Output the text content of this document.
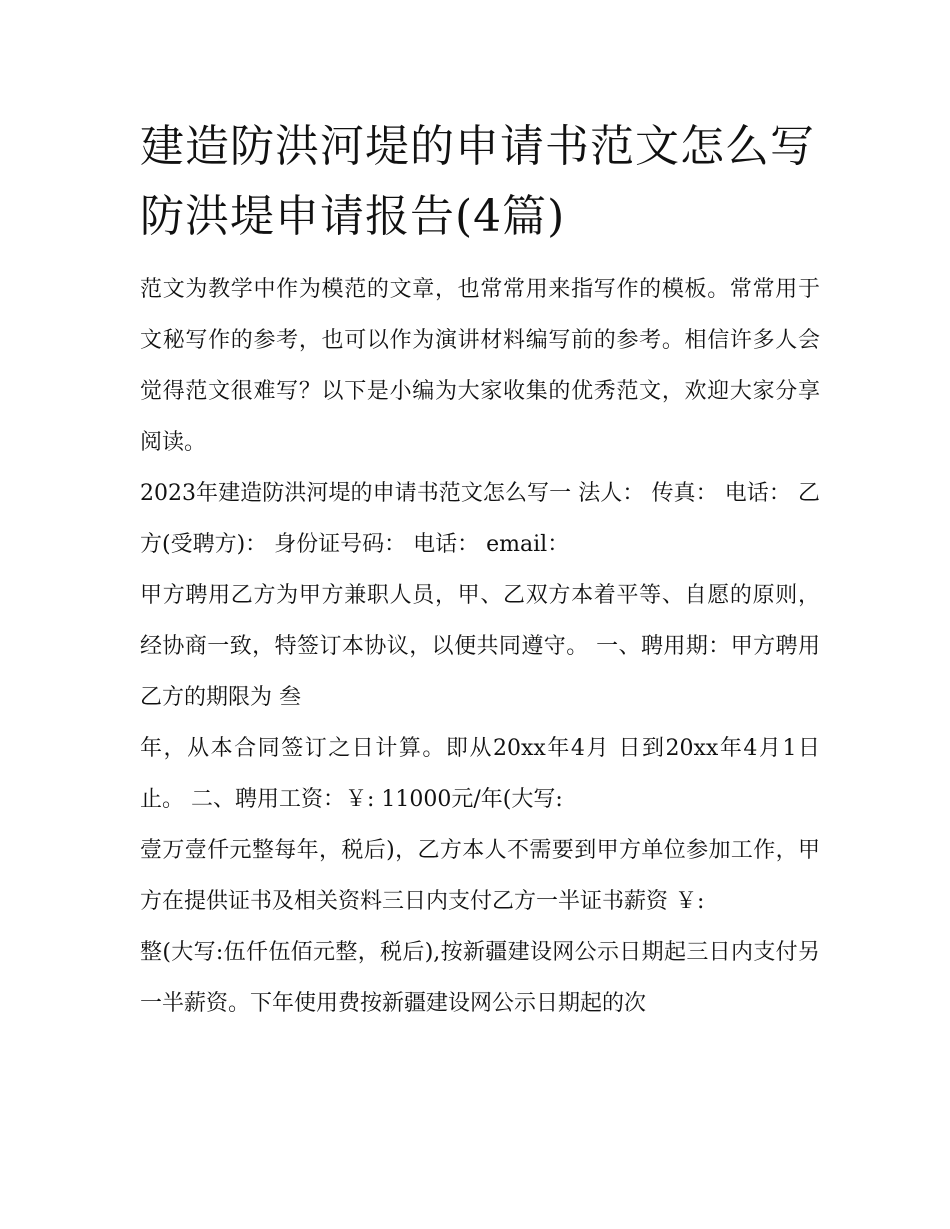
建造防洪河堤的申请书范文怎么写 防洪堤申请报告(4篇)

范文为教学中作为模范的文章，也常常用来指写作的模板。常常用于文秘写作的参考，也可以作为演讲材料编写前的参考。相信许多人会觉得范文很难写？以下是小编为大家收集的优秀范文，欢迎大家分享阅读。

2023年建造防洪河堤的申请书范文怎么写一 法人： 传真： 电话： 乙方(受聘方)： 身份证号码： 电话： email：

甲方聘用乙方为甲方兼职人员，甲、乙双方本着平等、自愿的原则，经协商一致，特签订本协议，以便共同遵守。 一、聘用期：甲方聘用乙方的期限为 叁

年，从本合同签订之日计算。即从20xx年4月 日到20xx年4月1日止。 二、聘用工资：￥: 11000元/年(大写:

壹万壹仟元整每年，税后)，乙方本人不需要到甲方单位参加工作，甲方在提供证书及相关资料三日内支付乙方一半证书薪资 ￥:

整(大写:伍仟伍佰元整，税后),按新疆建设网公示日期起三日内支付另一半薪资。下年使用费按新疆建设网公示日期起的次
